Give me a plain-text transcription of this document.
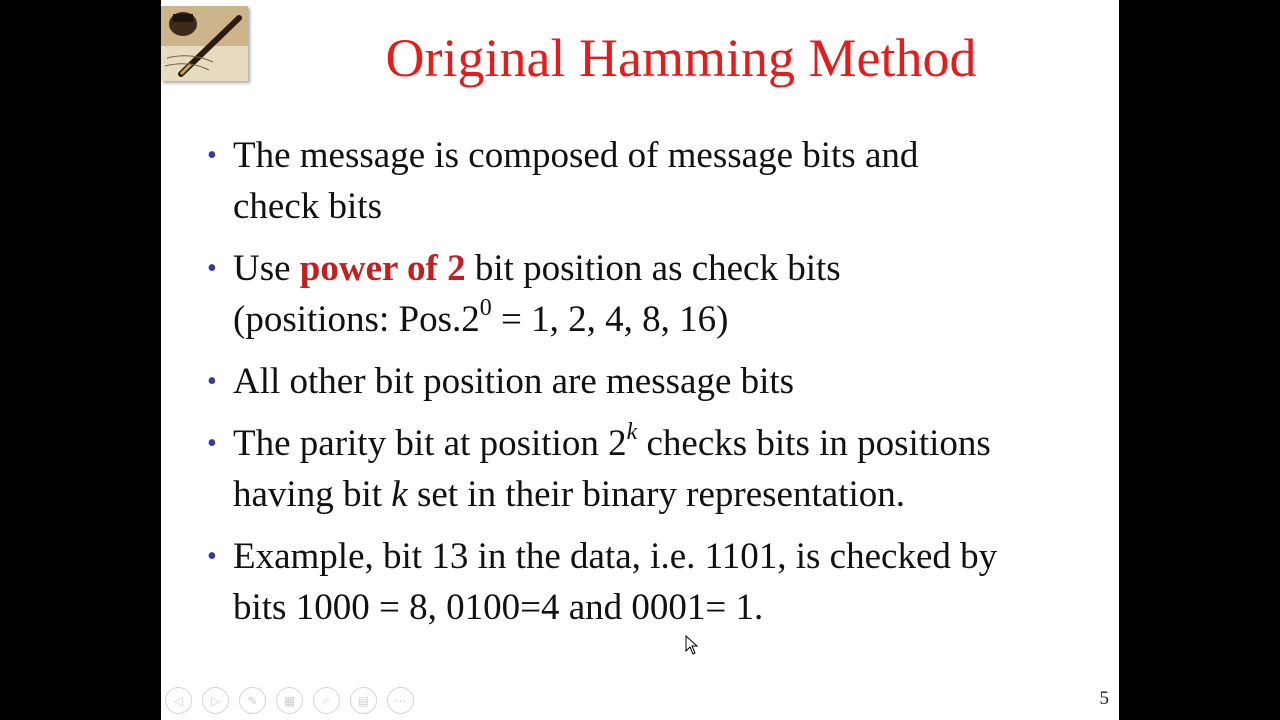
Original Hamming Method
• The message is composed of message bits and
check bits
• Use power of 2 bit position as check bits
(positions: $Pos.2^0 = 1$, 2, 4, 8, 16)
• All other bit position are message bits
• The parity bit at position 2$^k$ checks bits in positions
having bit k set in their binary representation.
• Example, bit 13 in the data, i.e. 1101, is checked by
bits 1000 = 8, 0100=4 and 0001= 1.
◁ ▷ ✎ ▦ ⌕ ▤ ⋯	5
